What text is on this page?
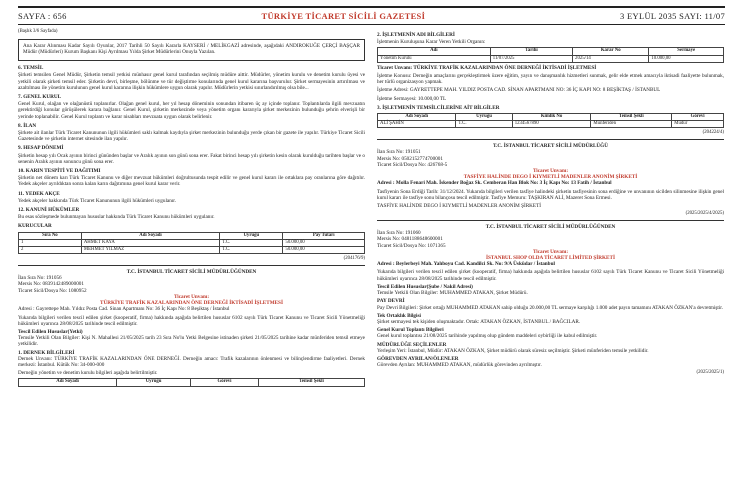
SAYFA : 656	TÜRKİYE TİCARET SİCİLİ GAZETESİ	3 EYLÜL 2035 SAYI: 11/07
(Başlık 3/6 Sayfada)
Ana Karar Alınması Kadar Sayılı Oyunlar, 2017 Tarihli 50 Sayılı Kararla KAYSERİ / MELİKGAZİ adresinde, aşağıdaki ANDIROKUĞE ÇERÇİ BAŞÇAR Müdür (Müdürleri) Kurum Başkanı Kişi Ayrılması Yılda Şirket Müdürlerini Onuyla Yazılan.
6. TEMSİL
Şirketi temsilen Genel Müdür, Şirketin temsil yetkisi münhasır genel kurul tarafından seçilmiş müdüre aittir. Müdürler, yönetim kurulu ve denetim kurulu üyesi ve yetkili olarak şirketi temsil eder. Şirketin devri, birleşme, bölünme ve tür değiştirme konularında genel kurul kararına başvurulur. Şirket sermayesinin artırılması ve azaltılması ile yönetim kurulunun genel kurul kararına ilişkin hükümlere uygun olarak yapılır. Müdürlerin yetkisi sınırlandırılmış olsa bile...
7. GENEL KURUL
Genel Kurul, olağan ve olağanüstü toplanırlar. Olağan genel kurul, her yıl hesap döneminin sonundan itibaren üç ay içinde toplanır. Toplantılarda ilgili mevzuatın gerektirdiği konular görüşülerek karara bağlanır. Genel Kurul, şirketin merkezinde veya yönetim organı kararıyla şirket merkezinin bulunduğu şehrin elverişli bir yerinde toplanabilir. Genel Kurul toplantı ve karar nisabları mevzuata uygun olarak belirlenir.
8. İLAN
Şirkete ait ilanlar Türk Ticaret Kanununun ilgili hükümleri saklı kalmak kaydıyla şirket merkezinin bulunduğu yerde çıkan bir gazete ile yapılır. Türkiye Ticaret Sicili Gazetesinde ve şirketin internet sitesinde ilan yapılır.
9. HESAP DÖNEMİ
Şirketin hesap yılı Ocak ayının birinci gününden başlar ve Aralık ayının son günü sona erer. Fakat birinci hesap yılı şirketin kesin olarak kurulduğu tarihten başlar ve o senenin Aralık ayının sonuncu günü sona erer.
10. KARIN TESPİTİ VE DAĞITIMI
Şirketin net dönem karı Türk Ticaret Kanunu ve diğer mevzuat hükümleri doğrultusunda tespit edilir ve genel kurul kararı ile ortaklara pay oranlarına göre dağıtılır. Yedek akçeler ayrıldıktan sonra kalan karın dağıtımına genel kurul karar verir.
11. YEDEK AKÇE
Yedek akçeler hakkında Türk Ticaret Kanununun ilgili hükümleri uygulanır.
12. KANUNİ HÜKÜMLER
Bu esas sözleşmede bulunmayan hususlar hakkında Türk Ticaret Kanunu hükümleri uygulanır.
KURUCULAR
Sıra No	Adı Soyadı	Uyruğu	Pay Tutarı
1	AHMET KAYA	T.C.	50.000,00
2	MEHMET YILMAZ	T.C.	50.000,00
(204176/9)
T.C. İSTANBUL TİCARET SİCİLİ MÜDÜRLÜĞÜNDEN
İlan Sıra No: 191056
Mersis No: 0839142489000001
Ticaret Sicil/Dosya No: 1080952
Ticaret Unvanı:
TÜRKİYE TRAFİK KAZALARINDAN ÖNE DERNEĞİ İKTİSADİ İŞLETMESİ
Adresi : Gayrettepe Mah. Yıldız Posta Cad. Sinan Apartmanı No: 36 İç Kapı No: 8 Beşiktaş / İstanbul
Yukarıda bilgileri verilen tescil edilen şirket (kooperatif, firma) hakkında aşağıda belirtilen hususlar 6102 sayılı Türk Ticaret Kanunu ve Ticaret Sicili Yönetmeliği hükümleri uyarınca 28/08/2025 tarihinde tescil edilmiştir.
Tescil Edilen Hususlar(Yetki)
Temsile Yetkili Olan Bilgiler: Kişi N. Mahallesi 21/05/2025 tarih 23 Sıra No'lu Yetki Belgesine istinaden şirketi 21/05/2025 tarihine kadar münferiden temsil etmeye yetkilidir.
1. DERNEK BİLGİLERİ
Dernek Unvanı: TÜRKİYE TRAFİK KAZALARINDAN ÖNE DERNEĞİ. Derneğin amacı: Trafik kazalarının önlenmesi ve bilinçlendirme faaliyetleri. Dernek merkezi: İstanbul. Kütük No: 34-000-000
Derneğin yönetim ve denetim kurulu bilgileri aşağıda belirtilmiştir.
Adı Soyadı	Uyruğu	Görevi	Temsil Şekli
2. İŞLETMENİN ADI BİLGİLERİ
İşletmenin Kuruluşuna Karar Veren Yetkili Organın:
Adı	Tarihi	Karar No	Sermaye
Yönetim Kurulu	11/07/2025	2025/14	10.000,00
Ticaret Unvanı: TÜRKİYE TRAFİK KAZALARINDAN ÖNE DERNEĞİ İKTİSADİ İŞLETMESİ
İşletme Konusu: Derneğin amaçlarını gerçekleştirmek üzere eğitim, yayın ve danışmanlık hizmetleri sunmak, gelir elde etmek amacıyla iktisadi faaliyette bulunmak, her türlü organizasyon yapmak.
İşletme Adresi: GAYRETTEPE MAH. YILDIZ POSTA CAD. SİNAN APARTMANI NO: 36 İÇ KAPI NO: 8 BEŞİKTAŞ / İSTANBUL
İşletme Sermayesi: 10.000,00 TL
3. İŞLETMENİN TEMSİLCİLERİNE AİT BİLGİLER
Adı Soyadı	Uyruğu	Kimlik No	Temsil Şekli	Görevi
ALİ ŞAHİN	T.C.	1234567890	Münferiden	Müdür
(204224/4)
T.C. İSTANBUL TİCARET SİCİLİ MÜDÜRLÜĞÜ
İlan Sıra No: 191051
Mersis No: 0502152774700001
Ticaret Sicil/Dosya No: 426768-5
Ticaret Unvanı:
TASFİYE HALİNDE DEGO İ KIYMETLİ MADENLER ANONİM ŞİRKETİ
Adresi : Molla Fenari Mah. İskender Boğaz Sk. Cemberan Han Blok No: 3 İç Kapı No: 13 Fatih / İstanbul
Tasfiyenin Sona Erdiği Tarih: 31/12/2024. Yukarıda bilgileri verilen tasfiye halindeki şirketin tasfiyesinin sona erdiğine ve unvanının sicilden silinmesine ilişkin genel kurul kararı ile tasfiye sonu bilançosu tescil edilmiştir. Tasfiye Memuru: TAŞKIRAN ALİ, Mazeret Sona Ermesi.
TASFİYE HALİNDE DEGO İ KIYMETLİ MADENLER ANONİM ŞİRKETİ
(2025/2025/4/2025)
T.C. İSTANBUL TİCARET SİCİLİ MÜDÜRLÜĞÜNDEN
İlan Sıra No: 191060
Mersis No: 0481188648600001
Ticaret Sicil/Dosya No: 1071365
Ticaret Unvanı:
İSTANBUL SHOP OLDA TİCARET LİMİTED ŞİRKETİ
Adresi : Beylerbeyi Mah. Yalıboyu Cad. Kandilci Sk. No: 9/A Üsküdar / İstanbul
Yukarıda bilgileri verilen tescil edilen şirket (kooperatif, firma) hakkında aşağıda belirtilen hususlar 6102 sayılı Türk Ticaret Kanunu ve Ticaret Sicili Yönetmeliği hükümleri uyarınca 28/08/2025 tarihinde tescil edilmiştir.
Tescil Edilen Hususlar(Şube / Nakil Adresi)
Temsile Yetkili Olan Bilgiler: MUHAMMED ATAKAN, Şirket Müdürü.
PAY DEVRİ
Pay Devri Bilgileri: Şirket ortağı MUHAMMED ATAKAN sahip olduğu 20.000,00 TL sermaye karşılığı 1.000 adet payın tamamını ATAKAN ÖZKAN'a devretmiştir.
Tek Ortaklık Bilgisi
Şirket sermayesi tek kişiden oluşmaktadır. Ortak: ATAKAN ÖZKAN, İSTANBUL / BAĞCILAR.
Genel Kurul Toplantı Bilgileri
Genel kurul toplantısı 21/08/2025 tarihinde yapılmış olup gündem maddeleri oybirliği ile kabul edilmiştir.
MÜDÜRLÜĞE SEÇİLENLER
Yerleşim Yeri: İstanbul, Müdür: ATAKAN ÖZKAN, Şirket müdürü olarak süresiz seçilmiştir. Şirketi münferiden temsile yetkilidir.
GÖREVDEN AYRILAN/ÖLENLER
Görevden Ayrılan: MUHAMMED ATAKAN, müdürlük görevinden ayrılmıştır.
(2025/2025/1)
